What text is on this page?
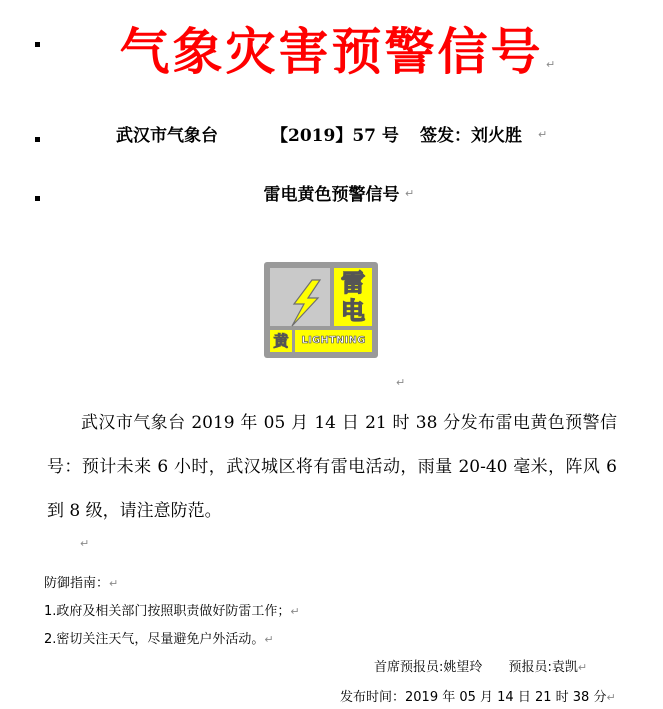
气象灾害预警信号 ↵
武汉市气象台	【2019】57 号 签发：刘火胜 ↵
雷电黄色预警信号 ↵
雷
电
黄	LIGHTNING
↵
武汉市气象台 2019 年 05 月 14 日 21 时 38 分发布雷电黄色预警信号：预计未来 6 小时，武汉城区将有雷电活动，雨量 20-40 毫米，阵风 6 到 8 级，请注意防范。
↵
防御指南：↵
1.政府及相关部门按照职责做好防雷工作；↵
2.密切关注天气，尽量避免户外活动。↵
首席预报员:姚望玲 预报员:袁凯↵
发布时间：2019 年 05 月 14 日 21 时 38 分↵
